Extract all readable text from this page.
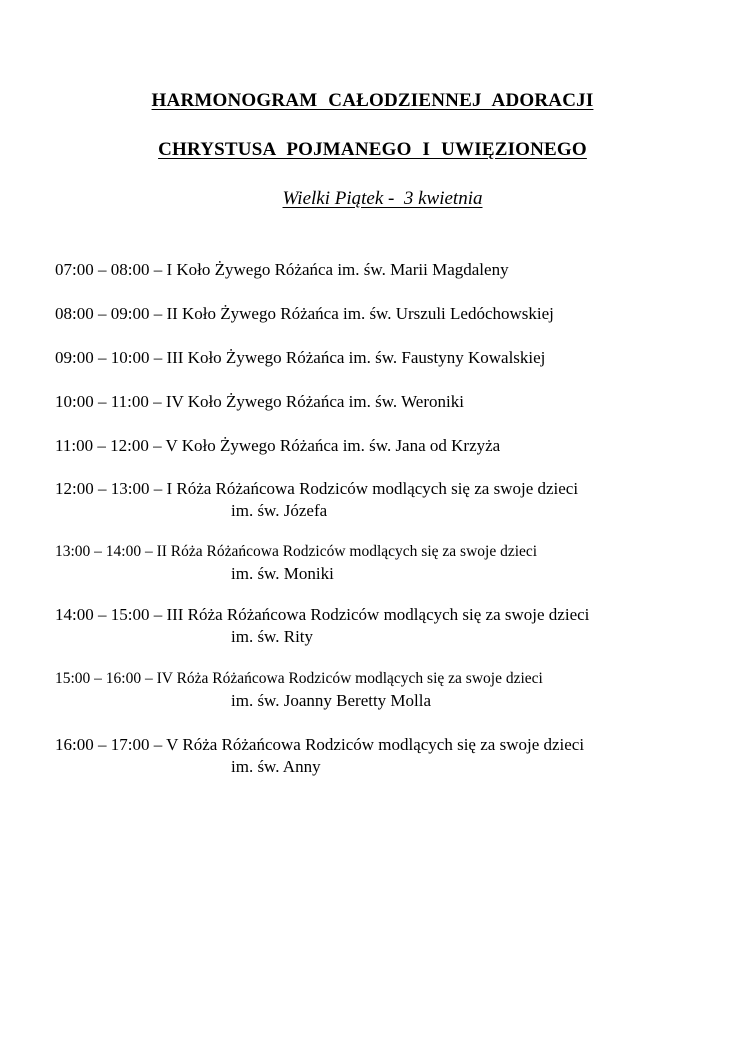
HARMONOGRAM CAŁODZIENNEJ ADORACJI
CHRYSTUSA POJMANEGO I UWIĘZIONEGO
Wielki Piątek -  3 kwietnia
07:00 – 08:00 – I Koło Żywego Różańca im. św. Marii Magdaleny
08:00 – 09:00 – II Koło Żywego Różańca im. św. Urszuli Ledóchowskiej
09:00 – 10:00 – III Koło Żywego Różańca im. św. Faustyny Kowalskiej
10:00 – 11:00 – IV Koło Żywego Różańca im. św. Weroniki
11:00 – 12:00 – V Koło Żywego Różańca im. św. Jana od Krzyża
12:00 – 13:00 – I Róża Różańcowa Rodziców modlących się za swoje dzieci
im. św. Józefa
13:00 – 14:00 – II Róża Różańcowa Rodziców modlących się za swoje dzieci
im. św. Moniki
14:00 – 15:00 – III Róża Różańcowa Rodziców modlących się za swoje dzieci
im. św. Rity
15:00 – 16:00 – IV Róża Różańcowa Rodziców modlących się za swoje dzieci
im. św. Joanny Beretty Molla
16:00 – 17:00 – V Róża Różańcowa Rodziców modlących się za swoje dzieci
im. św. Anny
